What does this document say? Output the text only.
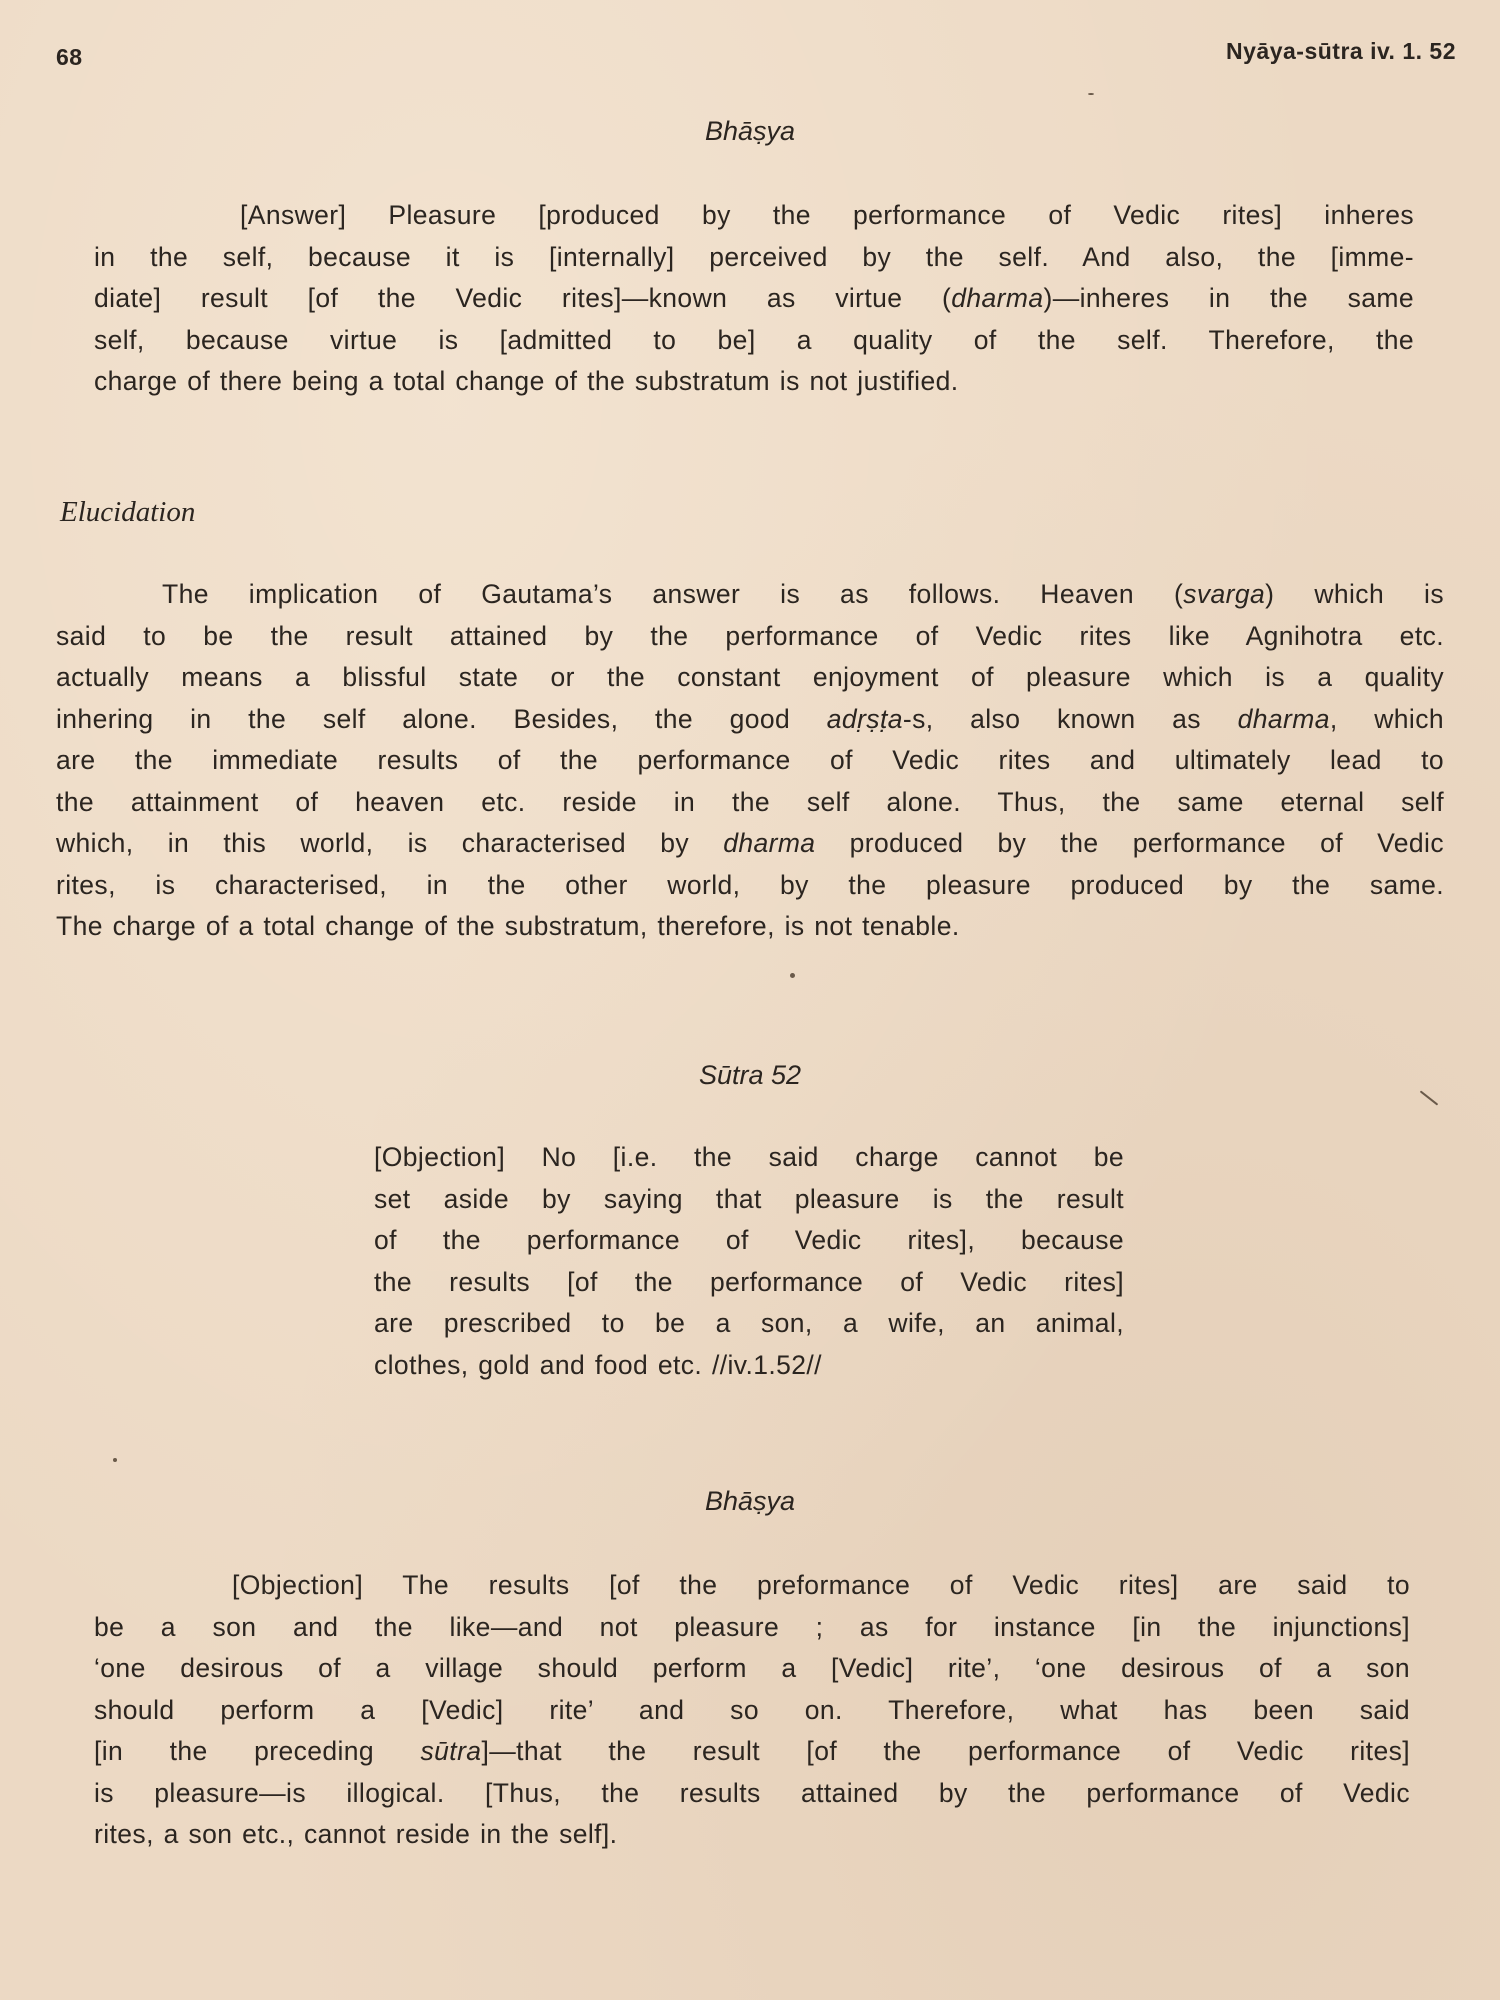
68	Nyāya-sūtra iv. 1. 52
Bhāṣya
[Answer] Pleasure [produced by the performance of Vedic rites] inheres
in the self, because it is [internally] perceived by the self. And also, the [imme-
diate] result [of the Vedic rites]—known as virtue (dharma)—inheres in the same
self, because virtue is [admitted to be] a quality of the self. Therefore, the
charge of there being a total change of the substratum is not justified.
Elucidation
The implication of Gautama’s answer is as follows. Heaven (svarga) which is
said to be the result attained by the performance of Vedic rites like Agnihotra etc.
actually means a blissful state or the constant enjoyment of pleasure which is a quality
inhering in the self alone. Besides, the good adṛṣṭa-s, also known as dharma, which
are the immediate results of the performance of Vedic rites and ultimately lead to
the attainment of heaven etc. reside in the self alone. Thus, the same eternal self
which, in this world, is characterised by dharma produced by the performance of Vedic
rites, is characterised, in the other world, by the pleasure produced by the same.
The charge of a total change of the substratum, therefore, is not tenable.
Sūtra 52
[Objection] No [i.e. the said charge cannot be
set aside by saying that pleasure is the result
of the performance of Vedic rites], because
the results [of the performance of Vedic rites]
are prescribed to be a son, a wife, an animal,
clothes, gold and food etc. //iv.1.52//
Bhāṣya
[Objection] The results [of the preformance of Vedic rites] are said to
be a son and the like—and not pleasure ; as for instance [in the injunctions]
‘one desirous of a village should perform a [Vedic] rite’, ‘one desirous of a son
should perform a [Vedic] rite’ and so on. Therefore, what has been said
[in the preceding sūtra]—that the result [of the performance of Vedic rites]
is pleasure—is illogical. [Thus, the results attained by the performance of Vedic
rites, a son etc., cannot reside in the self].
